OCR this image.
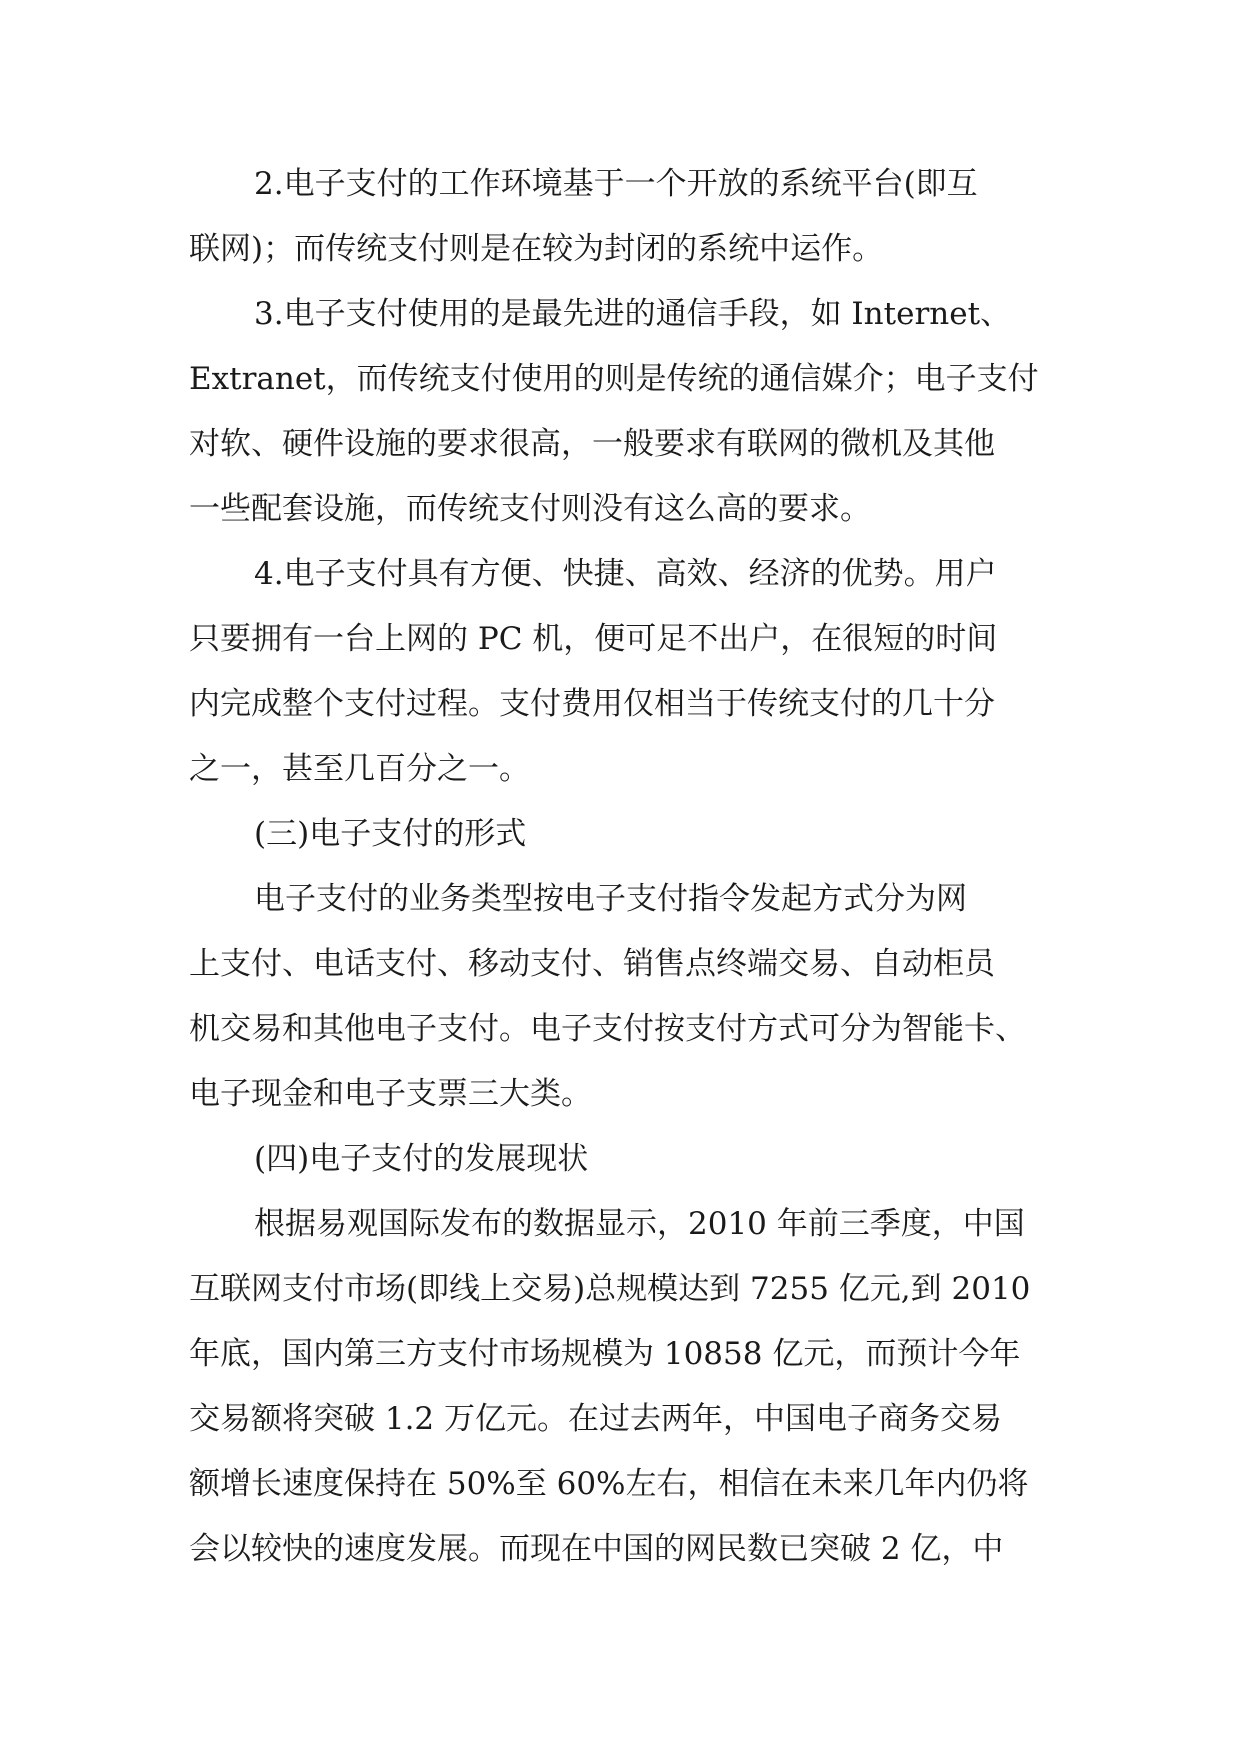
2.电子支付的工作环境基于一个开放的系统平台(即互
联网)；而传统支付则是在较为封闭的系统中运作。
3.电子支付使用的是最先进的通信手段，如 Internet、
Extranet，而传统支付使用的则是传统的通信媒介；电子支付
对软、硬件设施的要求很高，一般要求有联网的微机及其他
一些配套设施，而传统支付则没有这么高的要求。
4.电子支付具有方便、快捷、高效、经济的优势。用户
只要拥有一台上网的 PC 机，便可足不出户，在很短的时间
内完成整个支付过程。支付费用仅相当于传统支付的几十分
之一，甚至几百分之一。
(三)电子支付的形式
电子支付的业务类型按电子支付指令发起方式分为网
上支付、电话支付、移动支付、销售点终端交易、自动柜员
机交易和其他电子支付。电子支付按支付方式可分为智能卡、
电子现金和电子支票三大类。
(四)电子支付的发展现状
根据易观国际发布的数据显示，2010 年前三季度，中国
互联网支付市场(即线上交易)总规模达到 7255 亿元,到 2010
年底，国内第三方支付市场规模为 10858 亿元，而预计今年
交易额将突破 1.2 万亿元。在过去两年，中国电子商务交易
额增长速度保持在 50%至 60%左右，相信在未来几年内仍将
会以较快的速度发展。而现在中国的网民数已突破 2 亿，中
